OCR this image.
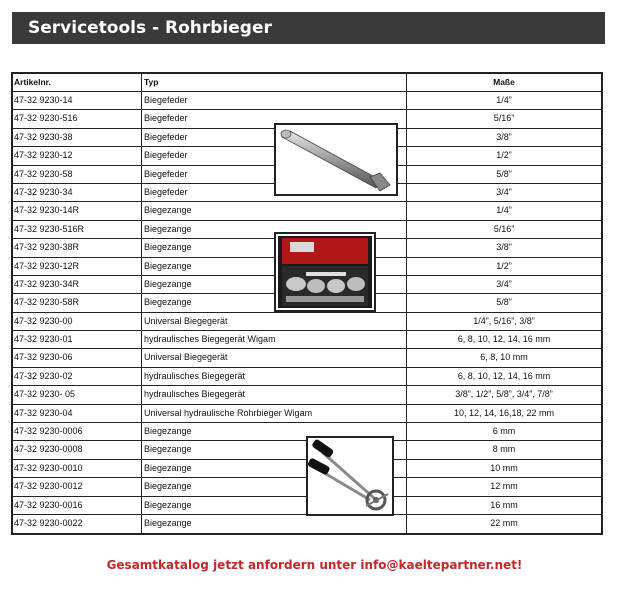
Servicetools - Rohrbieger
Artikelnr.	Typ	Maße
47-32 9230-14	Biegefeder	1/4”
47-32 9230-516	Biegefeder	5/16”
47-32 9230-38	Biegefeder	3/8”
47-32 9230-12	Biegefeder	1/2”
47-32 9230-58	Biegefeder	5/8”
47-32 9230-34	Biegefeder	3/4”
47-32 9230-14R	Biegezange	1/4”
47-32 9230-516R	Biegezange	5/16”
47-32 9230-38R	Biegezange	3/8”
47-32 9230-12R	Biegezange	1/2”
47-32 9230-34R	Biegezange	3/4”
47-32 9230-58R	Biegezange	5/8”
47-32 9230-00	Universal Biegegerät	1/4”, 5/16”, 3/8”
47-32 9230-01	hydraulisches Biegegerät Wigam	6, 8, 10, 12, 14, 16 mm
47-32 9230-06	Universal Biegegerät	6, 8, 10 mm
47-32 9230-02	hydraulisches Biegegerät	6, 8, 10, 12, 14, 16 mm
47-32 9230- 05	hydraulisches Biegegerät	3/8”, 1/2”, 5/8”, 3/4”, 7/8”
47-32 9230-04	Universal hydraulische Rohrbieger Wigam	10, 12, 14, 16,18, 22 mm
47-32 9230-0006	Biegezange	6 mm
47-32 9230-0008	Biegezange	8 mm
47-32 9230-0010	Biegezange	10 mm
47-32 9230-0012	Biegezange	12 mm
47-32 9230-0016	Biegezange	16 mm
47-32 9230-0022	Biegezange	22 mm
Gesamtkatalog jetzt anfordern unter info@kaeltepartner.net!
